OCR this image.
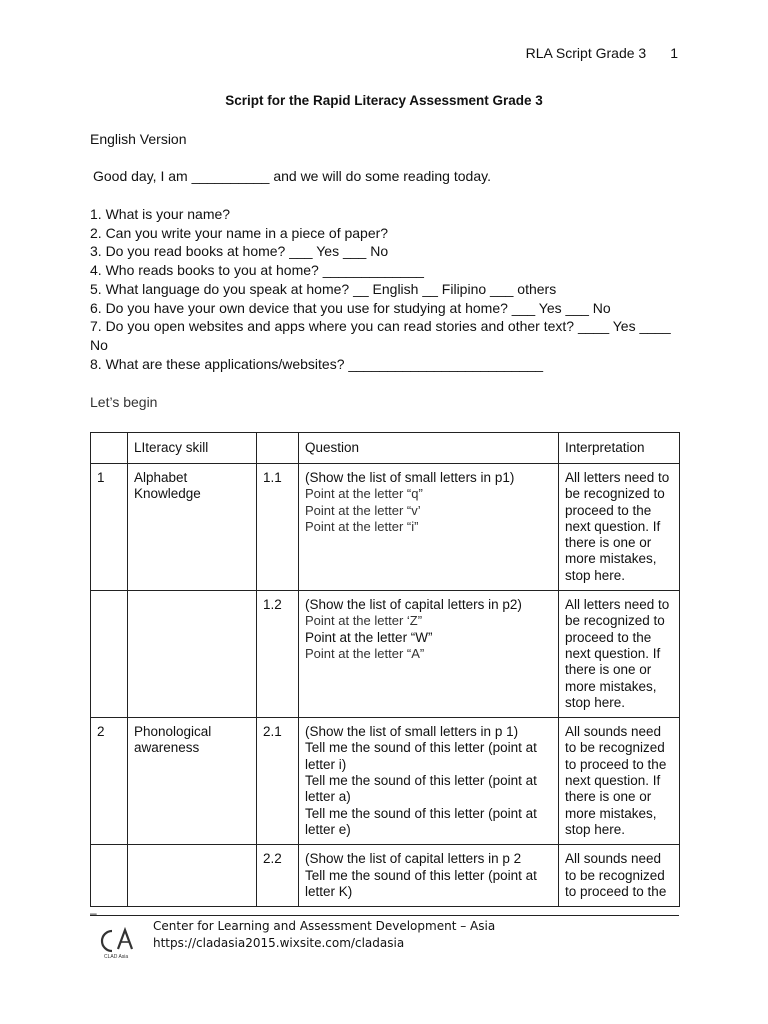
RLA Script Grade 3 1
Script for the Rapid Literacy Assessment Grade 3
English Version
Good day, I am __________ and we will do some reading today.
1. What is your name?
2. Can you write your name in a piece of paper?
3. Do you read books at home? ___ Yes ___ No
4. Who reads books to you at home? _____________
5. What language do you speak at home? __ English __ Filipino ___ others
6. Do you have your own device that you use for studying at home? ___ Yes ___ No
7. Do you open websites and apps where you can read stories and other text? ____ Yes ____
No
8. What are these applications/websites? _________________________
Let’s begin
	LIteracy skill		Question	Interpretation
1	Alphabet Knowledge	1.1	(Show the list of small letters in p1)
Point at the letter “q”
Point at the letter “v’
Point at the letter “i”	All letters need to be recognized to proceed to the next question. If there is one or more mistakes, stop here.
		1.2	(Show the list of capital letters in p2)
Point at the letter ‘Z”
Point at the letter “W”
Point at the letter “A”	All letters need to be recognized to proceed to the next question. If there is one or more mistakes, stop here.
2	Phonological awareness	2.1	(Show the list of small letters in p 1)
Tell me the sound of this letter (point at letter i)
Tell me the sound of this letter (point at letter a)
Tell me the sound of this letter (point at letter e)	All sounds need to be recognized to proceed to the next question. If there is one or more mistakes, stop here.
		2.2	(Show the list of capital letters in p 2
Tell me the sound of this letter (point at letter K)	All sounds need to be recognized to proceed to the
–
CLAD Asia
Center for Learning and Assessment Development – Asia
https://cladasia2015.wixsite.com/cladasia
